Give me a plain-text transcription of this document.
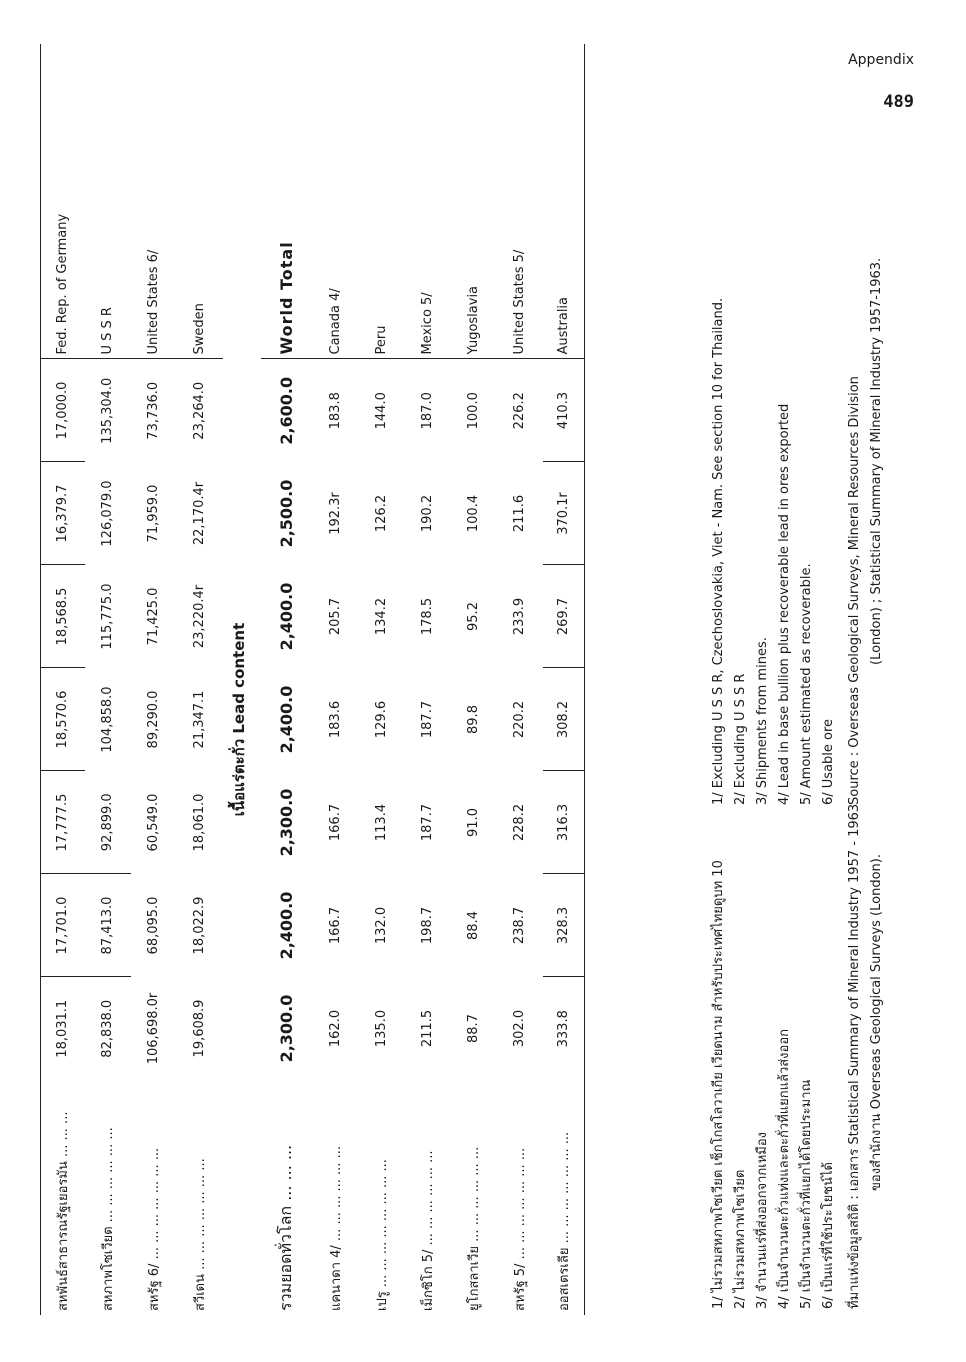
Appendix
489
สหพันธ์สาธารณรัฐเยอรมัน ... ... ...	18,031.1	17,701.0	17,777.5	18,570.6	18,568.5	16,379.7	17,000.0	Fed. Rep. of Germany
สหภาพโซเวียต ... ... ... ... ... ...	82,838.0	87,413.0	92,899.0	104,858.0	115,775.0	126,079.0	135,304.0	U S S R
สหรัฐ 6/ ... ... ... ... ... ... ...	106,698.0r	68,095.0	60,549.0	89,290.0	71,425.0	71,959.0	73,736.0	United States 6/
สวีเดน ... ... ... ... ... ... ...	19,608.9	18,022.9	18,061.0	21,347.1	23,220.4r	22,170.4r	23,264.0	Sweden
			เนื้อแร่ตะกั่ว Lead content					
รวมยอดทั่วโลก ... ... ...	2,300.0	2,400.0	2,300.0	2,400.0	2,400.0	2,500.0	2,600.0	World Total
แคนาดา 4/ ... ... ... ... ... ...	162.0	166.7	166.7	183.6	205.7	192.3r	183.8	Canada 4/
เปรู ... ... ... ... ... ... ... ...	135.0	132.0	113.4	129.6	134.2	126.2	144.0	Peru
เม็กซิโก 5/ ... ... ... ... ... ...	211.5	198.7	187.7	187.7	178.5	190.2	187.0	Mexico 5/
ยูโกสลาเวีย ... ... ... ... ... ...	88.7	88.4	91.0	89.8	95.2	100.4	100.0	Yugoslavia
สหรัฐ 5/ ... ... ... ... ... ... ...	302.0	238.7	228.2	220.2	233.9	211.6	226.2	United States 5/
ออสเตรเลีย ... ... ... ... ... ... ...	333.8	328.3	316.3	308.2	269.7	370.1r	410.3	Australia
1/ ไม่รวมสหภาพโซเวียต เช็กโกสโลวาเกีย เวียดนาม สำหรับประเทศไทยดูบท 10 2/ ไม่รวมสหภาพโซเวียต 3/ จำนวนแร่ที่ส่งออกจากเหมือง 4/ เป็นจำนวนตะกั่วแท่งและตะกั่วที่แยกแล้วส่งออก 5/ เป็นจำนวนตะกั่วที่แยกได้โดยประมาณ 6/ เป็นแร่ที่ใช้ประโยชน์ได้ ที่มาแห่งข้อมูลสถิติ : เอกสาร Statistical Summary of Mineral Industry 1957 - 1963 ของสำนักงาน Overseas Geological Surveys (London).
1/ Excluding U S S R, Czechoslovakia, Viet - Nam. See section 10 for Thailand. 2/ Excluding U S S R 3/ Shipments from mines. 4/ Lead in base bullion plus recoverable lead in ores exported 5/ Amount estimated as recoverable. 6/ Usable ore Source : Overseas Geological Surveys, Mineral Resources Division (London) ; Statistical Summary of Mineral Industry 1957-1963.
